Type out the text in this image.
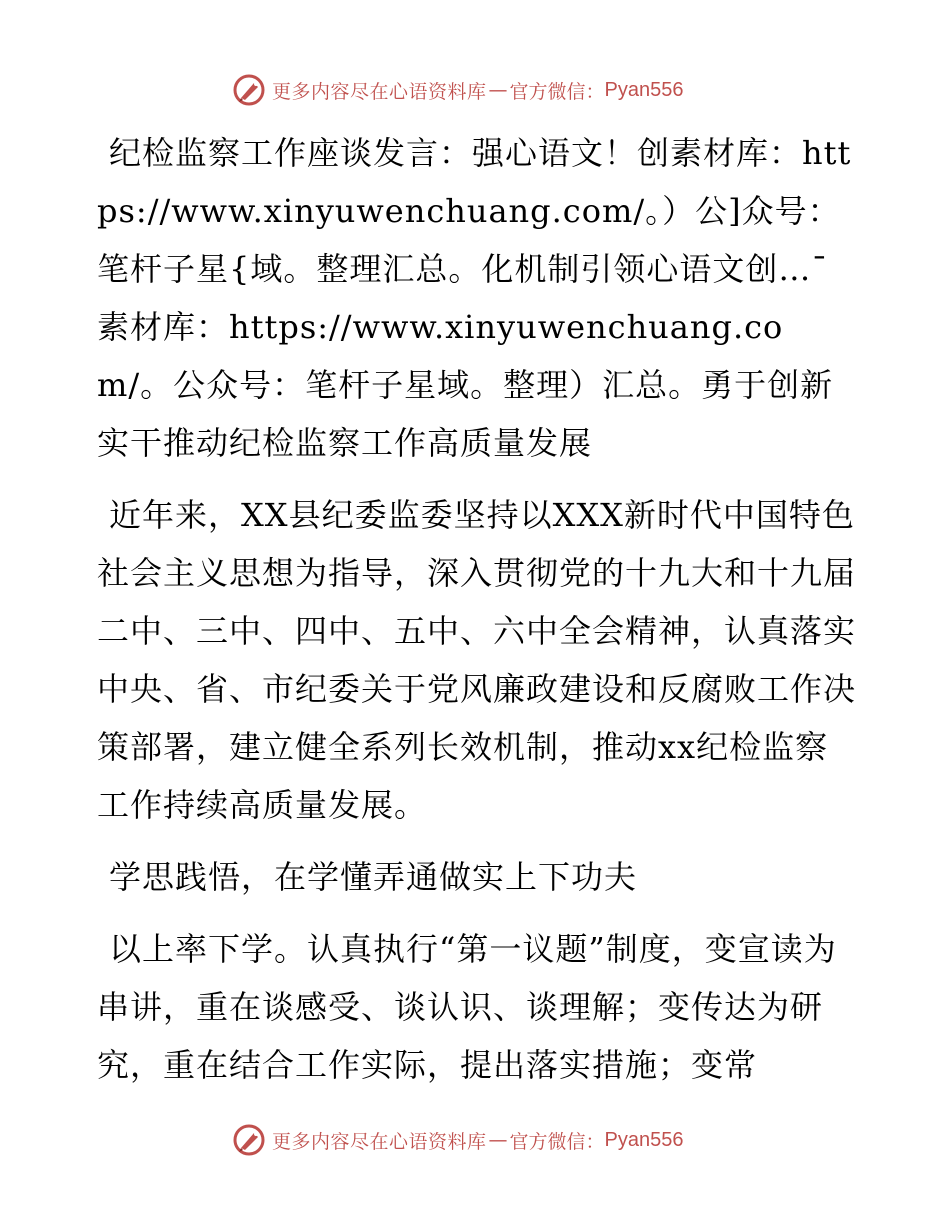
更多内容尽在心语资料库 — 官方微信： Pyan556

纪检监察工作座谈发言：强心语文！创素材库：https://www.xinyuwenchuang.com/。）公]众号：笔杆子星{域。整理汇总。化机制引领心语文创…¯素材库：https://www.xinyuwenchuang.com/。公众号：笔杆子星域。整理）汇总。勇于创新实干推动纪检监察工作高质量发展

近年来，XX县纪委监委坚持以XXX新时代中国特色社会主义思想为指导，深入贯彻党的十九大和十九届二中、三中、四中、五中、六中全会精神，认真落实中央、省、市纪委关于党风廉政建设和反腐败工作决策部署，建立健全系列长效机制，推动xx纪检监察工作持续高质量发展。

学思践悟，在学懂弄通做实上下功夫

以上率下学。认真执行“第一议题”制度，变宣读为串讲，重在谈感受、谈认识、谈理解；变传达为研究，重在结合工作实际，提出落实措施；变常

更多内容尽在心语资料库 — 官方微信： Pyan556
